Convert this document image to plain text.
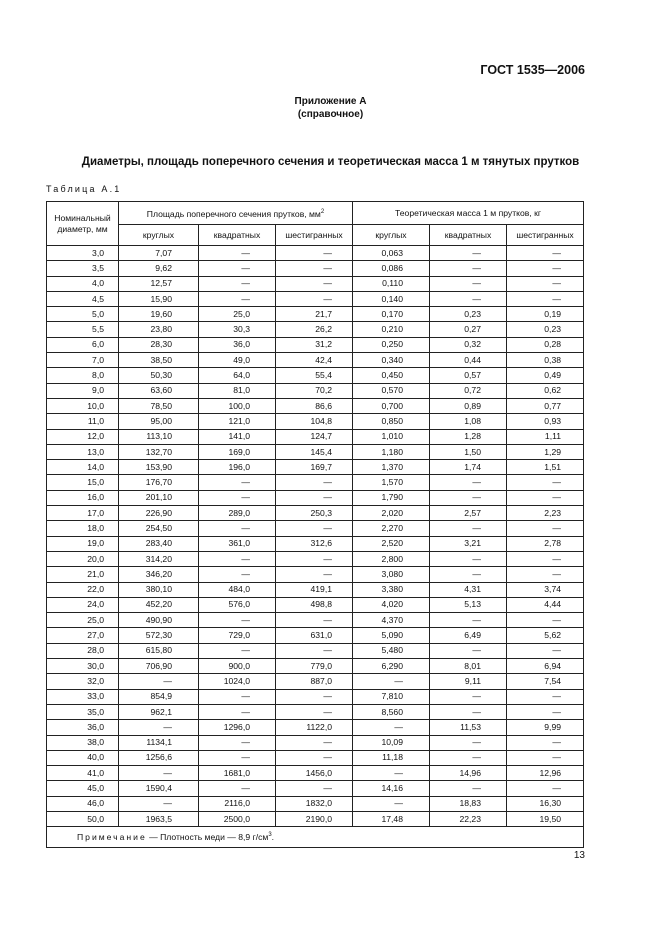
ГОСТ 1535—2006
Приложение А
(справочное)
Диаметры, площадь поперечного сечения и теоретическая масса 1 м тянутых прутков
Таблица А.1
Номинальный диаметр, мм	Площадь поперечного сечения прутков, $мм^2$			Теоретическая масса 1 м прутков, кг		
	круглых	квадратных	шестигранных	круглых	квадратных	шестигранных
3,0	7,07	—	—	0,063	—	—
3,5	9,62	—	—	0,086	—	—
4,0	12,57	—	—	0,110	—	—
4,5	15,90	—	—	0,140	—	—
5,0	19,60	25,0	21,7	0,170	0,23	0,19
5,5	23,80	30,3	26,2	0,210	0,27	0,23
6,0	28,30	36,0	31,2	0,250	0,32	0,28
7,0	38,50	49,0	42,4	0,340	0,44	0,38
8,0	50,30	64,0	55,4	0,450	0,57	0,49
9,0	63,60	81,0	70,2	0,570	0,72	0,62
10,0	78,50	100,0	86,6	0,700	0,89	0,77
11,0	95,00	121,0	104,8	0,850	1,08	0,93
12,0	113,10	141,0	124,7	1,010	1,28	1,11
13,0	132,70	169,0	145,4	1,180	1,50	1,29
14,0	153,90	196,0	169,7	1,370	1,74	1,51
15,0	176,70	—	—	1,570	—	—
16,0	201,10	—	—	1,790	—	—
17,0	226,90	289,0	250,3	2,020	2,57	2,23
18,0	254,50	—	—	2,270	—	—
19,0	283,40	361,0	312,6	2,520	3,21	2,78
20,0	314,20	—	—	2,800	—	—
21,0	346,20	—	—	3,080	—	—
22,0	380,10	484,0	419,1	3,380	4,31	3,74
24,0	452,20	576,0	498,8	4,020	5,13	4,44
25,0	490,90	—	—	4,370	—	—
27,0	572,30	729,0	631,0	5,090	6,49	5,62
28,0	615,80	—	—	5,480	—	—
30,0	706,90	900,0	779,0	6,290	8,01	6,94
32,0	—	1024,0	887,0	—	9,11	7,54
33,0	854,9	—	—	7,810	—	—
35,0	962,1	—	—	8,560	—	—
36,0	—	1296,0	1122,0	—	11,53	9,99
38,0	1134,1	—	—	10,09	—	—
40,0	1256,6	—	—	11,18	—	—
41,0	—	1681,0	1456,0	—	14,96	12,96
45,0	1590,4	—	—	14,16	—	—
46,0	—	2116,0	1832,0	—	18,83	16,30
50,0	1963,5	2500,0	2190,0	17,48	22,23	19,50
Примечание — Плотность меди — 8,9 $г/см^3$.						
13
